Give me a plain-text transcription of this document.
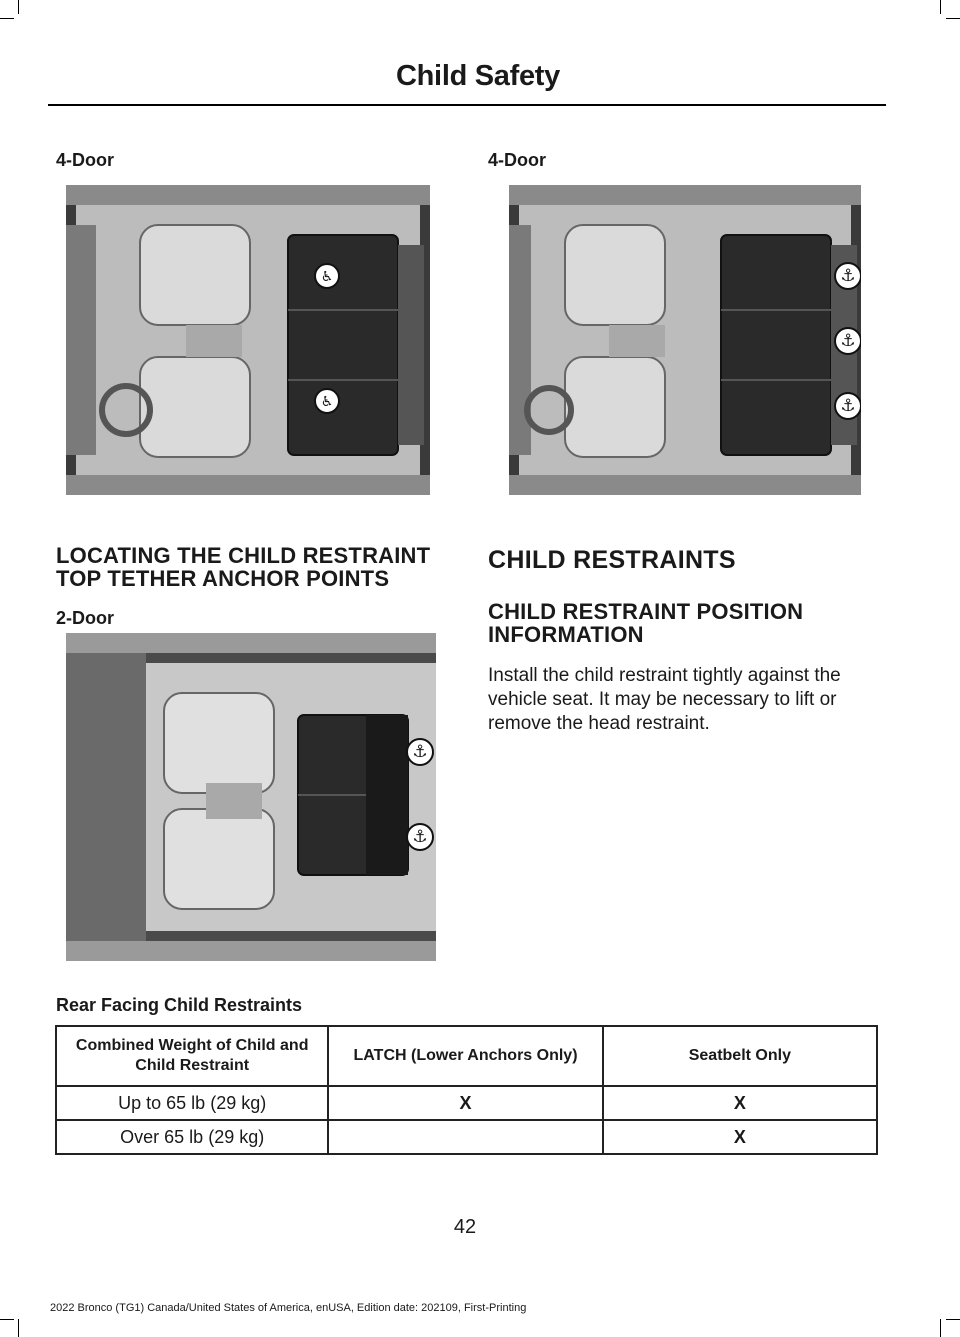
Child Safety
4-Door
♿
♿
4-Door
⚓
⚓
⚓
LOCATING THE CHILD RESTRAINT TOP TETHER ANCHOR POINTS
2-Door
⚓
⚓
CHILD RESTRAINTS
CHILD RESTRAINT POSITION INFORMATION
Install the child restraint tightly against the vehicle seat. It may be necessary to lift or remove the head restraint.
Rear Facing Child Restraints
Combined Weight of Child and Child Restraint	LATCH (Lower Anchors Only)	Seatbelt Only
Up to 65 lb (29 kg)	X	X
Over 65 lb (29 kg)		X
42
2022 Bronco (TG1) Canada/United States of America, enUSA, Edition date: 202109, First-Printing
